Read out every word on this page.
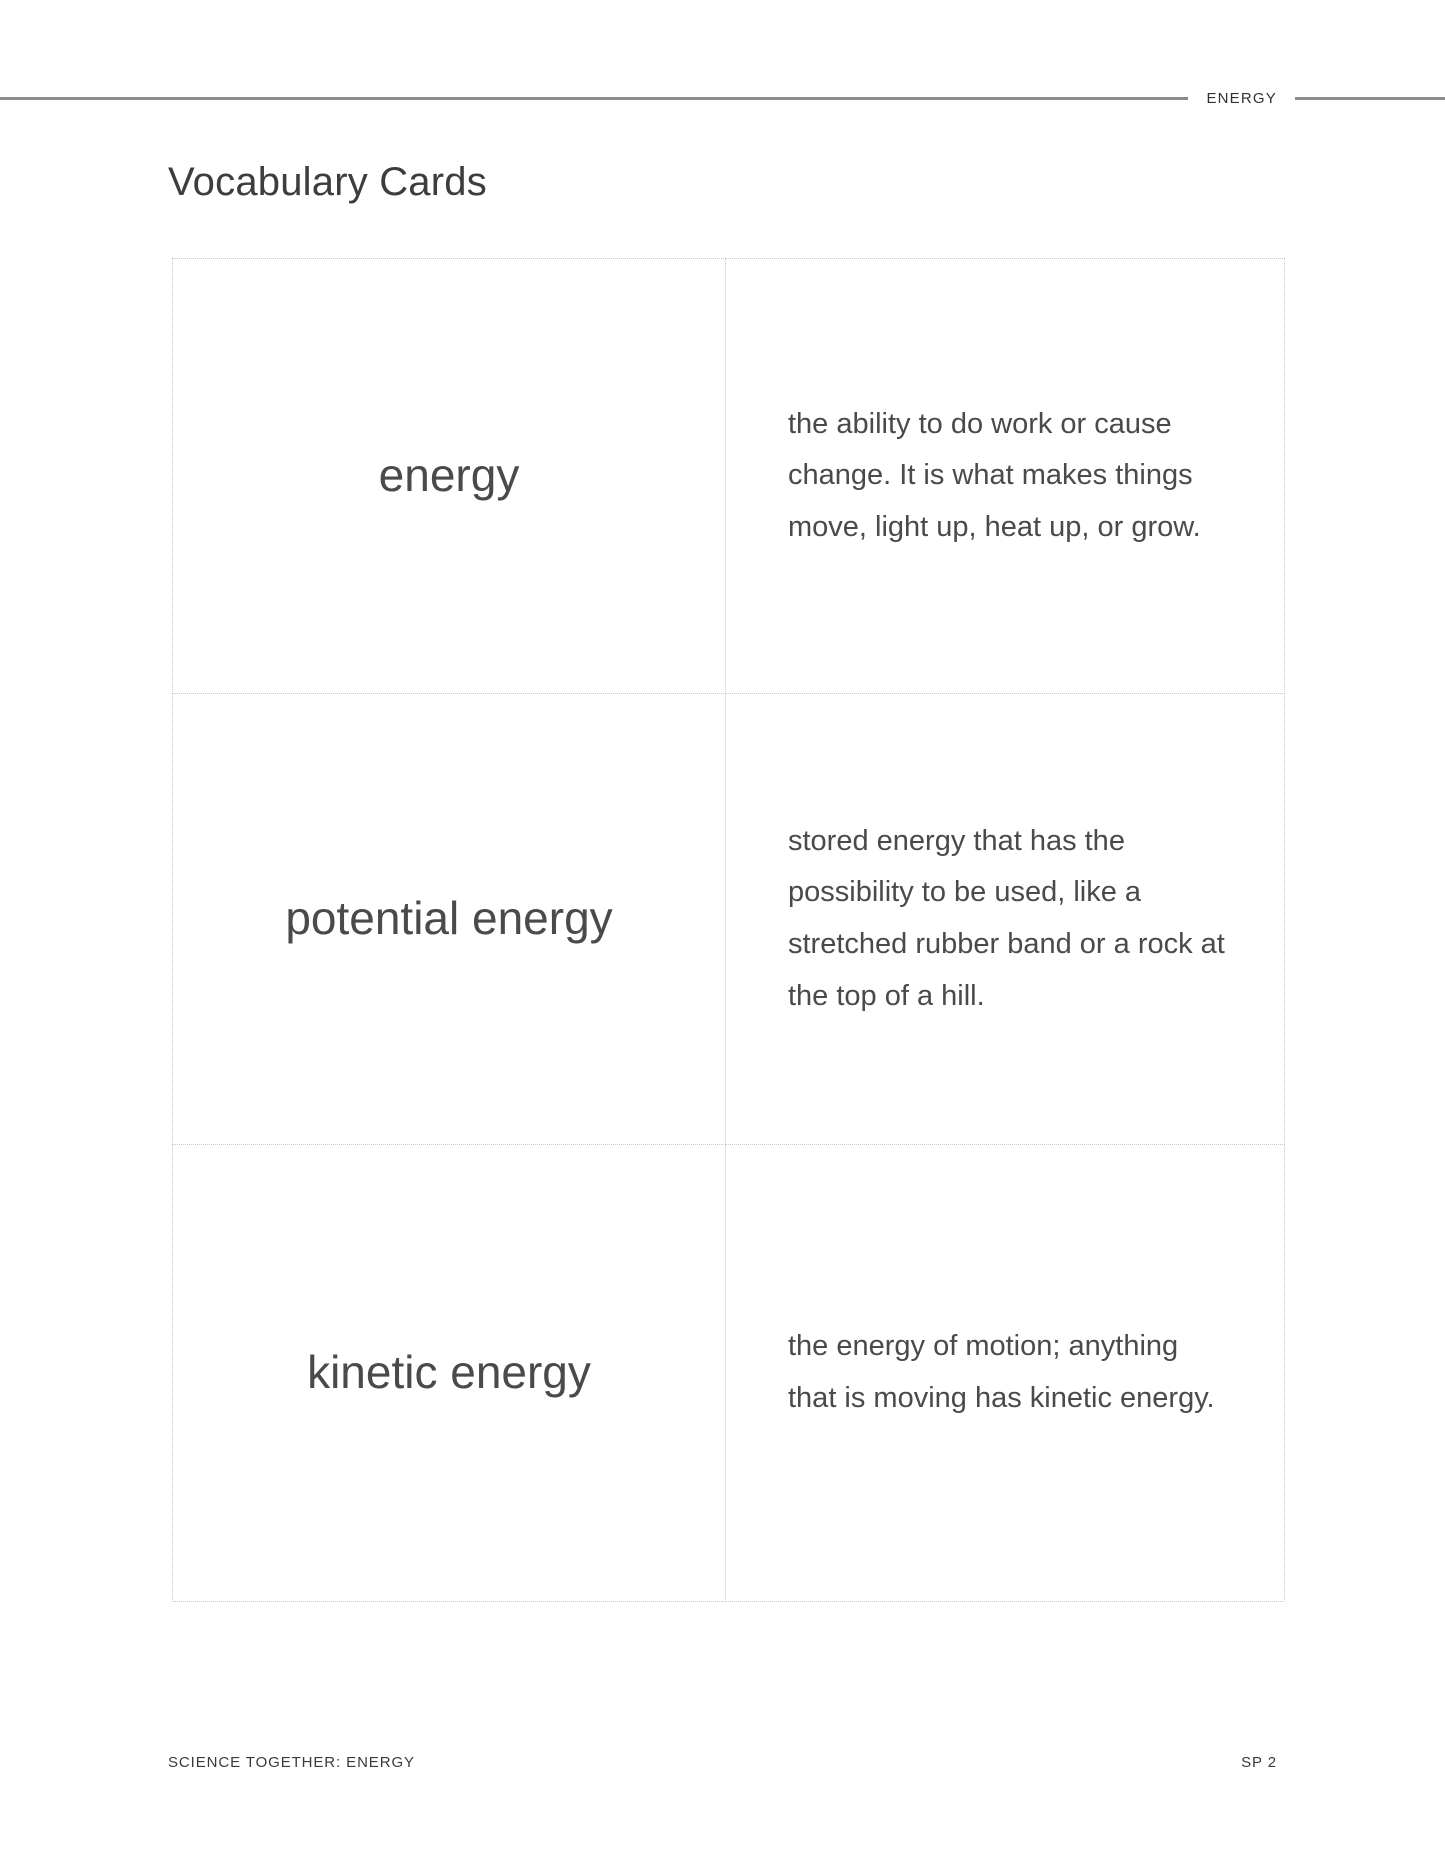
ENERGY
Vocabulary Cards
energy	the ability to do work or cause change. It is what makes things move, light up, heat up, or grow.

potential energy	stored energy that has the possibility to be used, like a stretched rubber band or a rock at the top of a hill.

kinetic energy	the energy of motion; anything that is moving has kinetic energy.
SCIENCE TOGETHER: ENERGY	SP 2
